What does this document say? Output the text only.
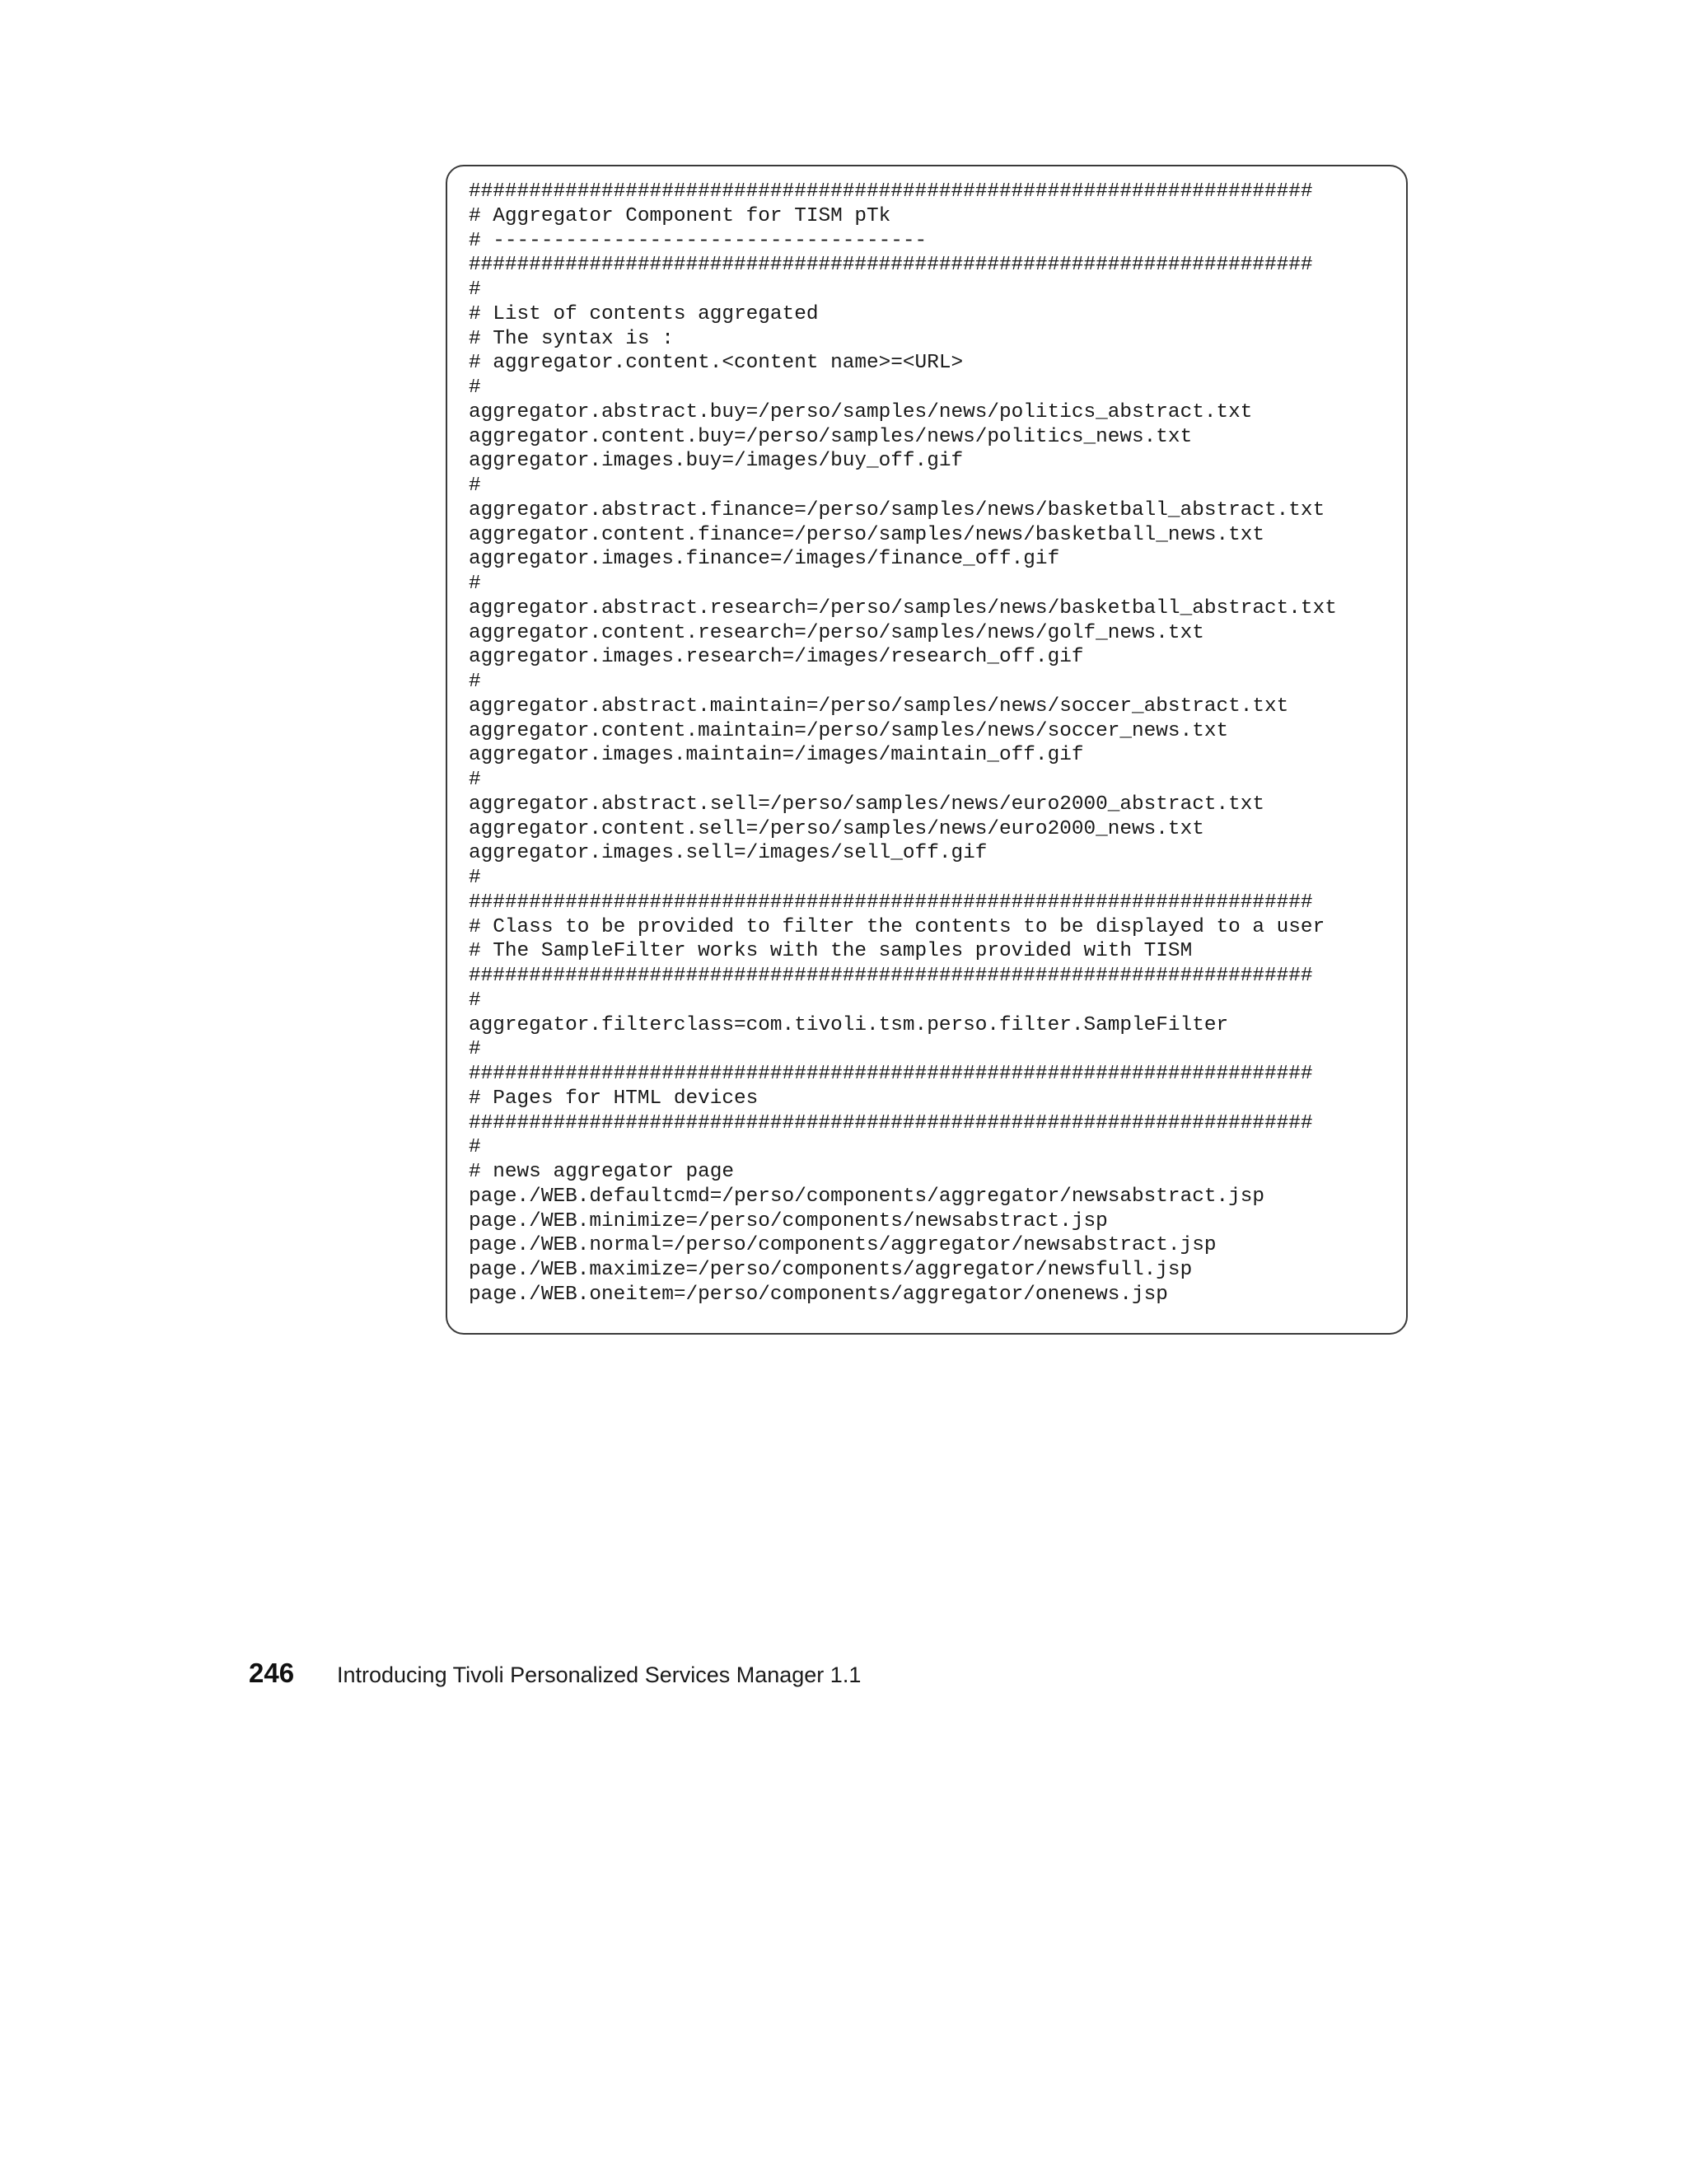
######################################################################
# Aggregator Component for TISM pTk
# ------------------------------------
######################################################################
#
# List of contents aggregated
# The syntax is :
# aggregator.content.<content name>=<URL>
#
aggregator.abstract.buy=/perso/samples/news/politics_abstract.txt
aggregator.content.buy=/perso/samples/news/politics_news.txt
aggregator.images.buy=/images/buy_off.gif
#
aggregator.abstract.finance=/perso/samples/news/basketball_abstract.txt
aggregator.content.finance=/perso/samples/news/basketball_news.txt
aggregator.images.finance=/images/finance_off.gif
#
aggregator.abstract.research=/perso/samples/news/basketball_abstract.txt
aggregator.content.research=/perso/samples/news/golf_news.txt
aggregator.images.research=/images/research_off.gif
#
aggregator.abstract.maintain=/perso/samples/news/soccer_abstract.txt
aggregator.content.maintain=/perso/samples/news/soccer_news.txt
aggregator.images.maintain=/images/maintain_off.gif
#
aggregator.abstract.sell=/perso/samples/news/euro2000_abstract.txt
aggregator.content.sell=/perso/samples/news/euro2000_news.txt
aggregator.images.sell=/images/sell_off.gif
#
######################################################################
# Class to be provided to filter the contents to be displayed to a user
# The SampleFilter works with the samples provided with TISM
######################################################################
#
aggregator.filterclass=com.tivoli.tsm.perso.filter.SampleFilter
#
######################################################################
# Pages for HTML devices
######################################################################
#
# news aggregator page
page./WEB.defaultcmd=/perso/components/aggregator/newsabstract.jsp
page./WEB.minimize=/perso/components/newsabstract.jsp
page./WEB.normal=/perso/components/aggregator/newsabstract.jsp
page./WEB.maximize=/perso/components/aggregator/newsfull.jsp
page./WEB.oneitem=/perso/components/aggregator/onenews.jsp
246	Introducing Tivoli Personalized Services Manager 1.1
